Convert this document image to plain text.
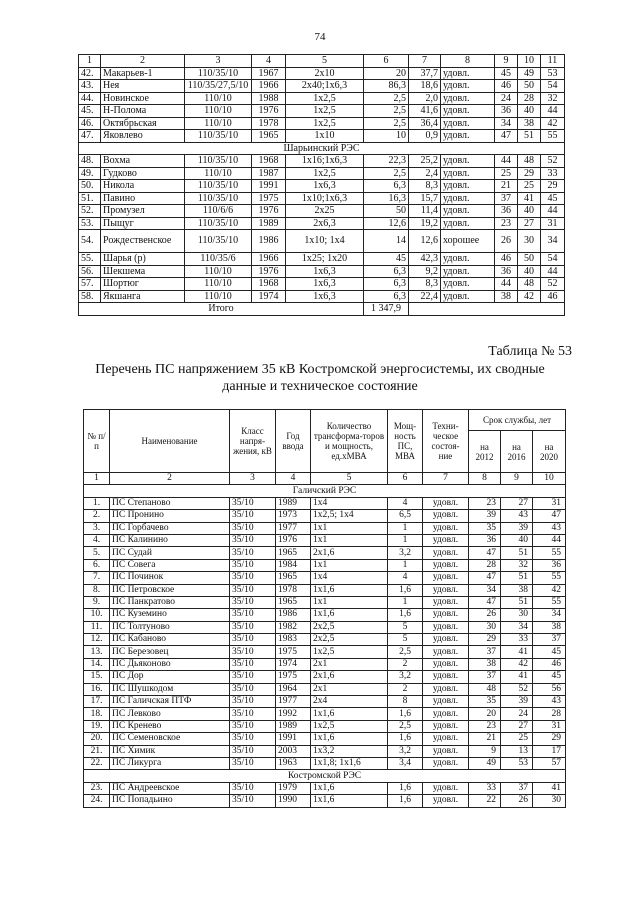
74
1	2	3	4	5	6	7	8	9	10	11
42.	Макарьев-1	110/35/10	1967	2х10	20	37,7	удовл.	45	49	53
43.	Нея	110/35/27,5/10	1966	2х40;1х6,3	86,3	18,6	удовл.	46	50	54
44.	Новинское	110/10	1988	1х2,5	2,5	2,0	удовл.	24	28	32
45.	Н-Полома	110/10	1976	1х2,5	2,5	41,6	удовл.	36	40	44
46.	Октябрьская	110/10	1978	1х2,5	2,5	36,4	удовл.	34	38	42
47.	Яковлево	110/35/10	1965	1х10	10	0,9	удовл.	47	51	55
Шарьинский РЭС										
48.	Вохма	110/35/10	1968	1х16;1х6,3	22,3	25,2	удовл.	44	48	52
49.	Гудково	110/10	1987	1х2,5	2,5	2,4	удовл.	25	29	33
50.	Никола	110/35/10	1991	1х6,3	6,3	8,3	удовл.	21	25	29
51.	Павино	110/35/10	1975	1х10;1х6,3	16,3	15,7	удовл.	37	41	45
52.	Промузел	110/6/6	1976	2х25	50	11,4	удовл.	36	40	44
53.	Пыщуг	110/35/10	1989	2х6,3	12,6	19,2	удовл.	23	27	31
54.	Рождественское	110/35/10	1986	1х10; 1х4	14	12,6	хорошее	26	30	34
55.	Шарья (р)	110/35/6	1966	1х25; 1х20	45	42,3	удовл.	46	50	54
56.	Шекшема	110/10	1976	1х6,3	6,3	9,2	удовл.	36	40	44
57.	Шортюг	110/10	1968	1х6,3	6,3	8,3	удовл.	44	48	52
58.	Якшанга	110/10	1974	1х6,3	6,3	22,4	удовл.	38	42	46
Итого					1 347,9					
Таблица № 53
Перечень ПС напряжением 35 кВ Костромской энергосистемы, их сводные
данные и техническое состояние
№ п/п	Наименование	Класс напря-жения, кВ	Год ввода	Количество трансформа-торов и мощность, ед.хМВА	Мощ-ность ПС, МВА	Техни-ческое состоя-ние	Срок службы, лет		
							на 2012	на 2016	на 2020
1	2	3	4	5	6	7	8	9	10
Галичский РЭС									
1.	ПС Степаново	35/10	1989	1х4	4	удовл.	23	27	31
2.	ПС Пронино	35/10	1973	1х2,5; 1х4	6,5	удовл.	39	43	47
3.	ПС Горбачево	35/10	1977	1х1	1	удовл.	35	39	43
4.	ПС Калинино	35/10	1976	1х1	1	удовл.	36	40	44
5.	ПС Судай	35/10	1965	2х1,6	3,2	удовл.	47	51	55
6.	ПС Совега	35/10	1984	1х1	1	удовл.	28	32	36
7.	ПС Починок	35/10	1965	1х4	4	удовл.	47	51	55
8.	ПС Петровское	35/10	1978	1х1,6	1,6	удовл.	34	38	42
9.	ПС Панкратово	35/10	1965	1х1	1	удовл.	47	51	55
10.	ПС Куземино	35/10	1986	1х1,6	1,6	удовл.	26	30	34
11.	ПС Толтуново	35/10	1982	2х2,5	5	удовл.	30	34	38
12.	ПС Кабаново	35/10	1983	2х2,5	5	удовл.	29	33	37
13.	ПС Березовец	35/10	1975	1х2,5	2,5	удовл.	37	41	45
14.	ПС Дьяконово	35/10	1974	2х1	2	удовл.	38	42	46
15.	ПС Дор	35/10	1975	2х1,6	3,2	удовл.	37	41	45
16.	ПС Шушкодом	35/10	1964	2х1	2	удовл.	48	52	56
17.	ПС Галичская ПТФ	35/10	1977	2х4	8	удовл.	35	39	43
18.	ПС Левково	35/10	1992	1х1,6	1,6	удовл.	20	24	28
19.	ПС Кренево	35/10	1989	1х2,5	2,5	удовл.	23	27	31
20.	ПС Семеновское	35/10	1991	1х1,6	1,6	удовл.	21	25	29
21.	ПС Химик	35/10	2003	1х3,2	3,2	удовл.	9	13	17
22.	ПС Ликурга	35/10	1963	1х1,8; 1х1,6	3,4	удовл.	49	53	57
Костромской РЭС									
23.	ПС Андреевское	35/10	1979	1х1,6	1,6	удовл.	33	37	41
24.	ПС Попадьино	35/10	1990	1х1,6	1,6	удовл.	22	26	30
